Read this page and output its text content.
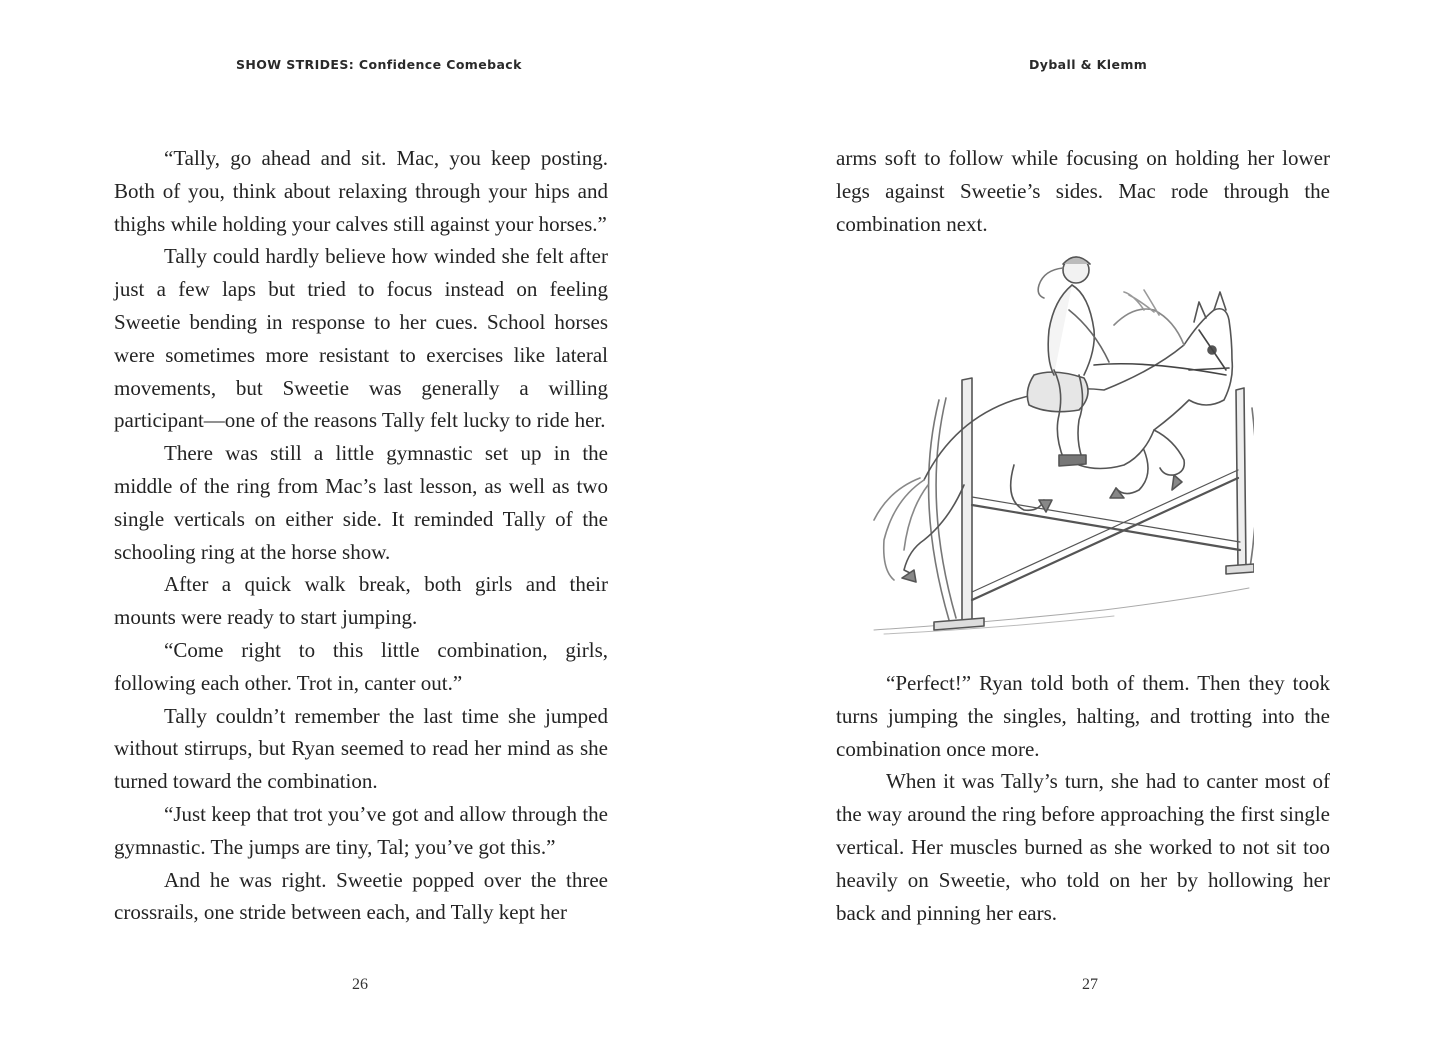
SHOW STRIDES: Confidence Comeback

“Tally, go ahead and sit. Mac, you keep posting. Both of you, think about relaxing through your hips and thighs while holding your calves still against your horses.”

Tally could hardly believe how winded she felt after just a few laps but tried to focus instead on feeling Sweetie bending in response to her cues. School horses were sometimes more resistant to exercises like lateral movements, but Sweetie was generally a willing participant—one of the reasons Tally felt lucky to ride her.

There was still a little gymnastic set up in the middle of the ring from Mac’s last lesson, as well as two single verticals on either side. It reminded Tally of the schooling ring at the horse show.

After a quick walk break, both girls and their mounts were ready to start jumping.

“Come right to this little combination, girls, following each other. Trot in, canter out.”

Tally couldn’t remember the last time she jumped without stirrups, but Ryan seemed to read her mind as she turned toward the combination.

“Just keep that trot you’ve got and allow through the gymnastic. The jumps are tiny, Tal; you’ve got this.”

And he was right. Sweetie popped over the three crossrails, one stride between each, and Tally kept her

26
Dyball & Klemm

arms soft to follow while focusing on holding her lower legs against Sweetie’s sides. Mac rode through the combination next.

“Perfect!” Ryan told both of them. Then they took turns jumping the singles, halting, and trotting into the combination once more.

When it was Tally’s turn, she had to canter most of the way around the ring before approaching the first single vertical. Her muscles burned as she worked to not sit too heavily on Sweetie, who told on her by hollowing her back and pinning her ears.

27
